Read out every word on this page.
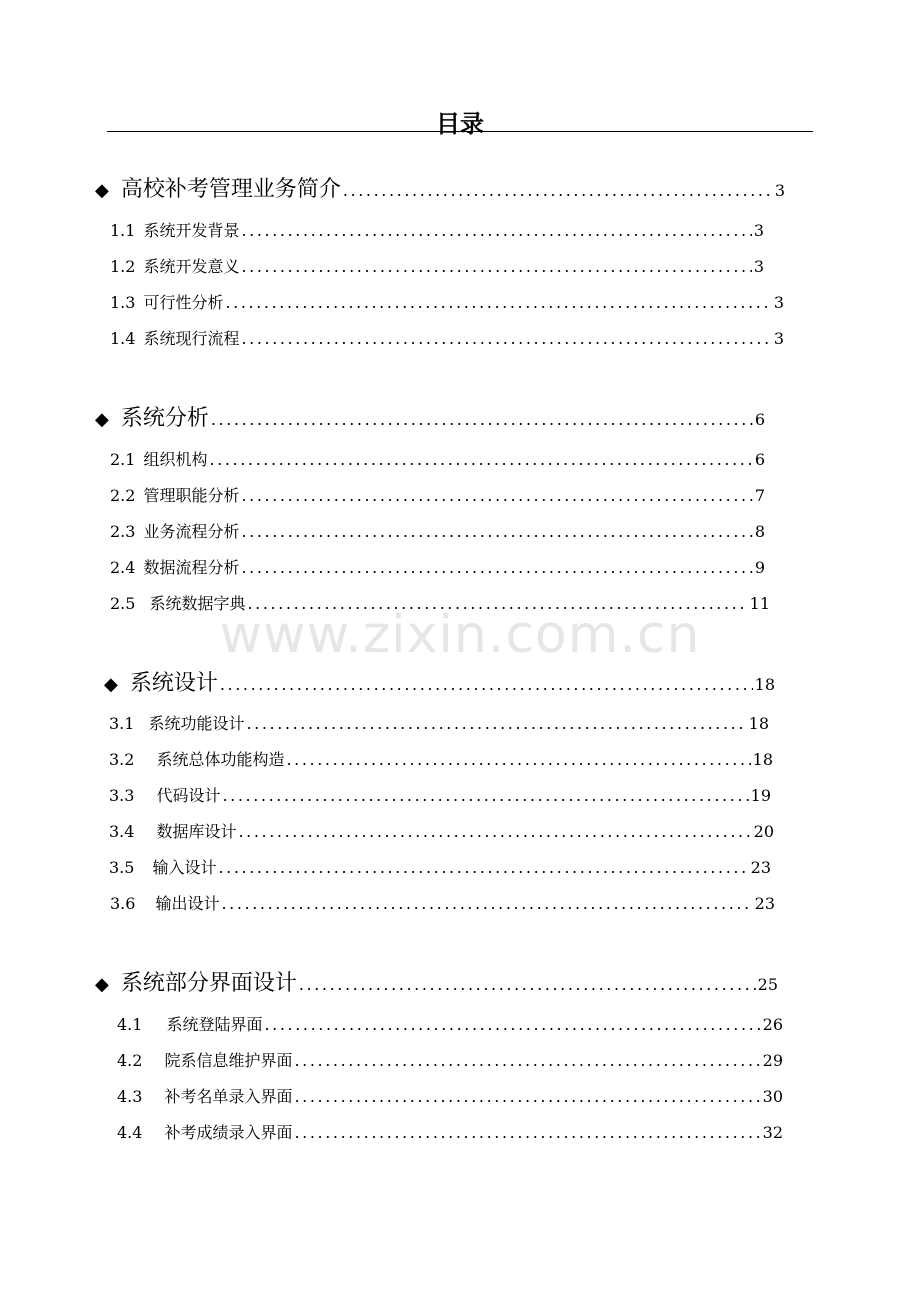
目录
www.zixin.com.cn
◆ 高校补考管理业务简介 .....	3
1.1 系统开发背景 .....	3
1.2 系统开发意义 .....	3
1.3 可行性分析 .....	3
1.4 系统现行流程 .....	3
◆ 系统分析 .....	6
2.1 组织机构 .....	6
2.2 管理职能分析 .....	7
2.3 业务流程分析 .....	8
2.4 数据流程分析 .....	9
2.5 系统数据字典 .....	11
◆ 系统设计 .....	18
3.1 系统功能设计 .....	18
3.2 系统总体功能构造 .....	18
3.3 代码设计 .....	19
3.4 数据库设计 .....	20
3.5 输入设计 .....	23
3.6 输出设计 .....	23
◆ 系统部分界面设计 .....	25
4.1 系统登陆界面 .....	26
4.2 院系信息维护界面 .....	29
4.3 补考名单录入界面 .....	30
4.4 补考成绩录入界面 .....	32
